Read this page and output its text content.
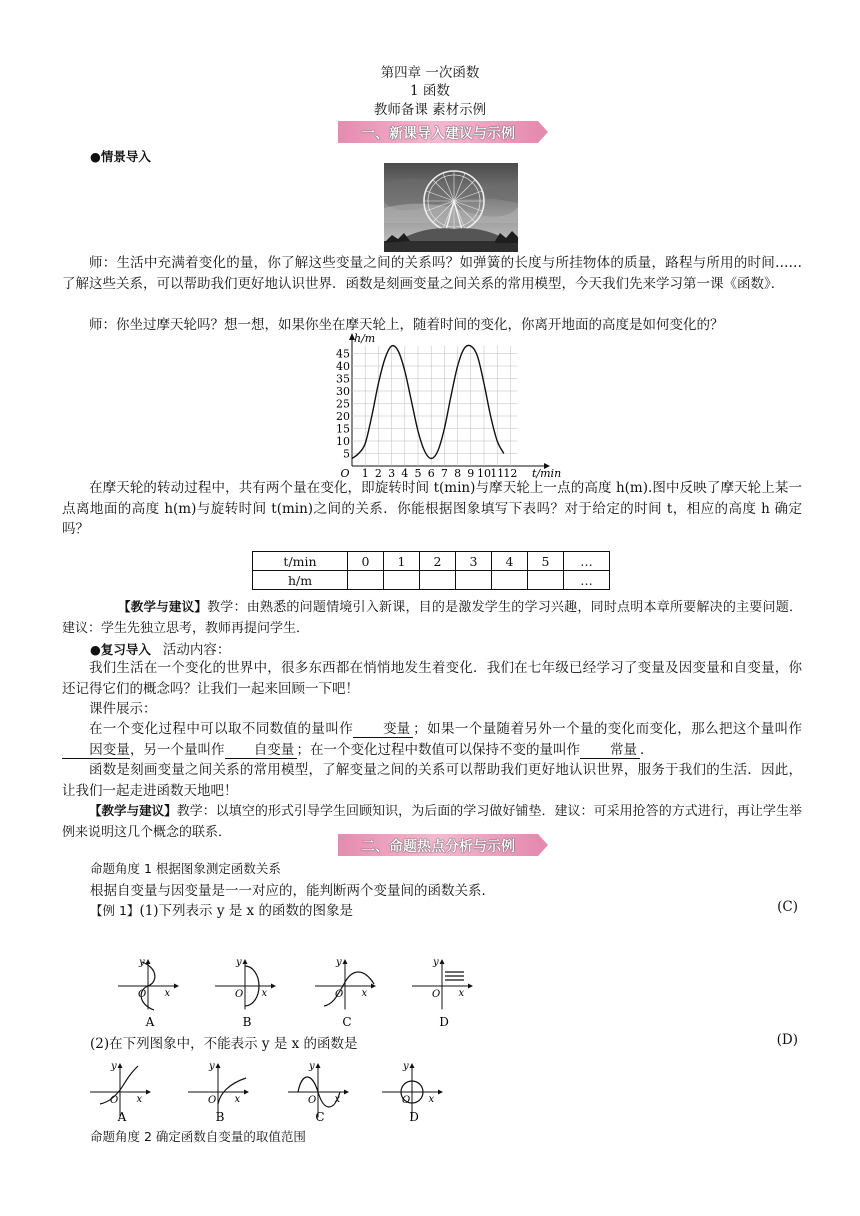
第四章 一次函数
1 函数
教师备课 素材示例
一、新课导入建议与示例
●情景导入
师：生活中充满着变化的量，你了解这些变量之间的关系吗？如弹簧的长度与所挂物体的质量，路程与所用的时间……了解这些关系，可以帮助我们更好地认识世界．函数是刻画变量之间关系的常用模型，今天我们先来学习第一课《函数》．
师：你坐过摩天轮吗？想一想，如果你坐在摩天轮上，随着时间的变化，你离开地面的高度是如何变化的？
5
10
15
20
25
30
35
40
45
O 1 2 3 4 5 6 7 8 9 10 11 12
h/m
t/min
在摩天轮的转动过程中，共有两个量在变化，即旋转时间 t(min)与摩天轮上一点的高度 h(m).图中反映了摩天轮上某一点离地面的高度 h(m)与旋转时间 t(min)之间的关系．你能根据图象填写下表吗？对于给定的时间 t，相应的高度 h 确定吗？
t/min	0	1	2	3	4	5	…
h/m							…
【教学与建议】教学：由熟悉的问题情境引入新课，目的是激发学生的学习兴趣，同时点明本章所要解决的主要问题．建议：学生先独立思考，教师再提问学生．
●复习导入 活动内容：
我们生活在一个变化的世界中，很多东西都在悄悄地发生着变化．我们在七年级已经学习了变量及因变量和自变量，你还记得它们的概念吗？让我们一起来回顾一下吧！
课件展示：
在一个变化过程中可以取不同数值的量叫作 变量 ；如果一个量随着另外一个量的变化而变化，那么把这个量叫作因变量，另一个量叫作 自变量 ；在一个变化过程中数值可以保持不变的量叫作 常量 ．
函数是刻画变量之间关系的常用模型，了解变量之间的关系可以帮助我们更好地认识世界，服务于我们的生活．因此，让我们一起走进函数天地吧！
【教学与建议】教学：以填空的形式引导学生回顾知识，为后面的学习做好铺垫．建议：可采用抢答的方式进行，再让学生举例来说明这几个概念的联系．
二、命题热点分析与示例
命题角度 1 根据图象测定函数关系
根据自变量与因变量是一一对应的，能判断两个变量间的函数关系．
【例 1】(1)下列表示 y 是 x 的函数的图象是	(C)
y
x
O
A
y
x
O
B
y
x
O
C
y
x
O
D
(2)在下列图象中，不能表示 y 是 x 的函数是	(D)
y
x
O
A
y
x
O
B
y
x
O
C
y
x
O
D
命题角度 2 确定函数自变量的取值范围
